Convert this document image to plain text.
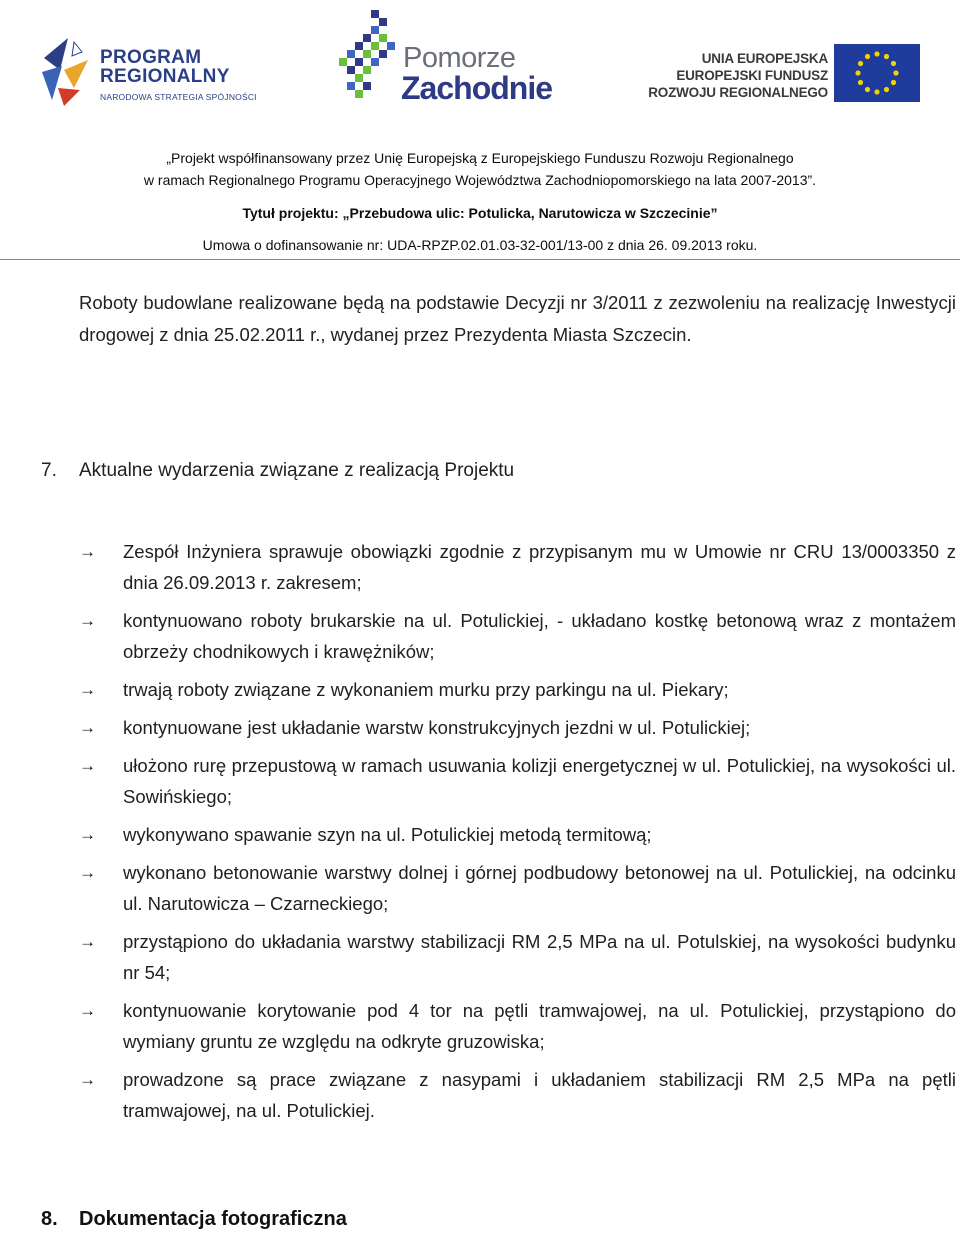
PROGRAM
REGIONALNY
NARODOWA STRATEGIA SPÓJNOŚCI
Pomorze
Zachodnie
UNIA EUROPEJSKA
EUROPEJSKI FUNDUSZ
ROZWOJU REGIONALNEGO
„Projekt współfinansowany przez Unię Europejską z Europejskiego Funduszu Rozwoju Regionalnego
w ramach Regionalnego Programu Operacyjnego Województwa Zachodniopomorskiego na lata 2007-2013”.
Tytuł projektu: „Przebudowa ulic: Potulicka, Narutowicza w Szczecinie”
Umowa o dofinansowanie nr: UDA-RPZP.02.01.03-32-001/13-00 z dnia 26. 09.2013 roku.
Roboty budowlane realizowane będą na podstawie Decyzji nr 3/2011 z zezwoleniu na realizację Inwestycji drogowej z dnia 25.02.2011 r., wydanej przez Prezydenta Miasta Szczecin.
7. Aktualne wydarzenia związane z realizacją Projektu
→ Zespół Inżyniera sprawuje obowiązki zgodnie z przypisanym mu w Umowie nr CRU 13/0003350 z dnia 26.09.2013 r. zakresem;
→ kontynuowano roboty brukarskie na ul. Potulickiej, - układano kostkę betonową wraz z montażem obrzeży chodnikowych i krawężników;
→ trwają roboty związane z wykonaniem murku przy parkingu na ul. Piekary;
→ kontynuowane jest układanie warstw konstrukcyjnych jezdni w ul. Potulickiej;
→ ułożono rurę przepustową w ramach usuwania kolizji energetycznej w ul. Potulickiej, na wysokości ul. Sowińskiego;
→ wykonywano spawanie szyn na ul. Potulickiej metodą termitową;
→ wykonano betonowanie warstwy dolnej i górnej podbudowy betonowej na ul. Potulickiej, na odcinku ul. Narutowicza – Czarneckiego;
→ przystąpiono do układania warstwy stabilizacji RM 2,5 MPa na ul. Potulskiej, na wysokości budynku nr 54;
→ kontynuowanie korytowanie pod 4 tor na pętli tramwajowej, na ul. Potulickiej, przystąpiono do wymiany gruntu ze względu na odkryte gruzowiska;
→ prowadzone są prace związane z nasypami i układaniem stabilizacji RM 2,5 MPa na pętli tramwajowej, na ul. Potulickiej.
8. Dokumentacja fotograficzna
